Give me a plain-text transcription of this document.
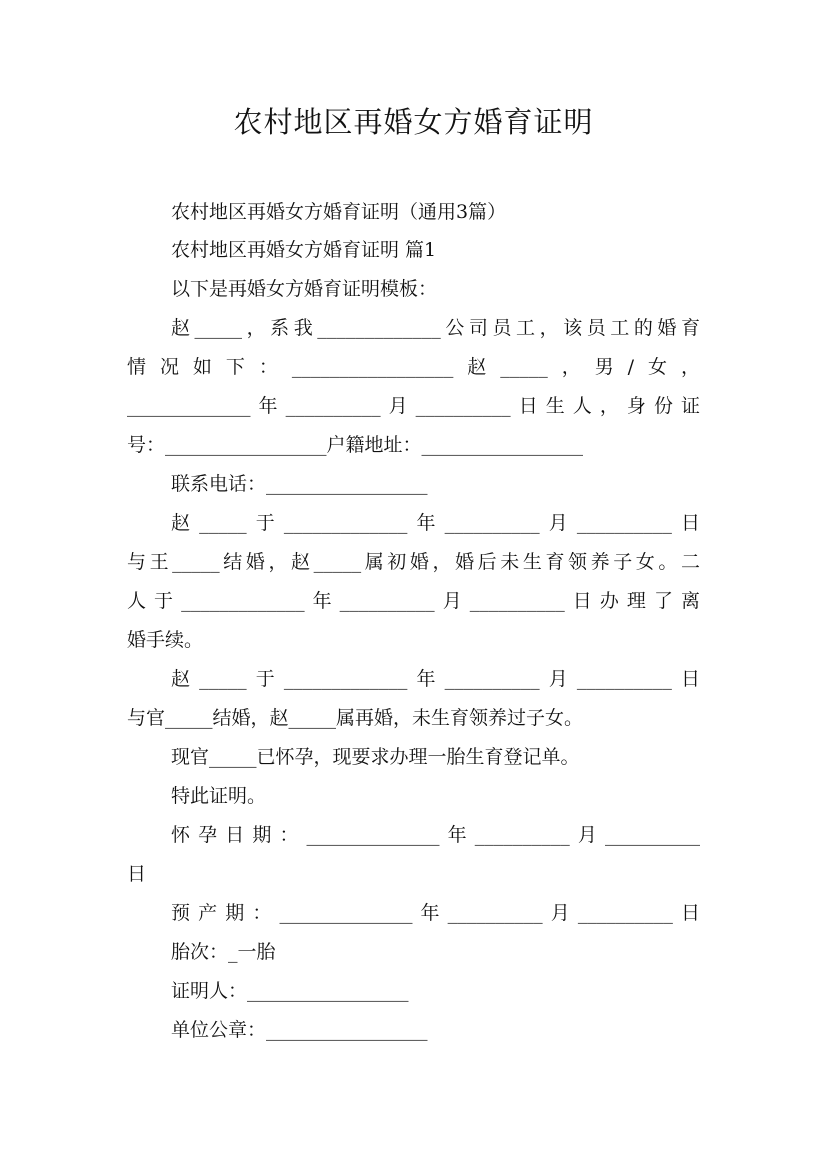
农村地区再婚女方婚育证明
农村地区再婚女方婚育证明（通用3篇）
农村地区再婚女方婚育证明 篇1
以下是再婚女方婚育证明模板：
赵_____，系我_____________公司员工，该员工的婚育
情况如下：_________________赵_____，男/女，
_____________年__________月__________日生人，身份证
号：_________________户籍地址：_________________
联系电话：_________________
赵_____于_____________年__________月__________日
与王_____结婚，赵_____属初婚，婚后未生育领养子女。二
人于_____________年__________月__________日办理了离
婚手续。
赵_____于_____________年__________月__________日
与官_____结婚，赵_____属再婚，未生育领养过子女。
现官_____已怀孕，现要求办理一胎生育登记单。
特此证明。
怀孕日期：______________年__________月__________
日
预产期：______________年__________月__________日
胎次：_一胎
证明人：_________________
单位公章：_________________
